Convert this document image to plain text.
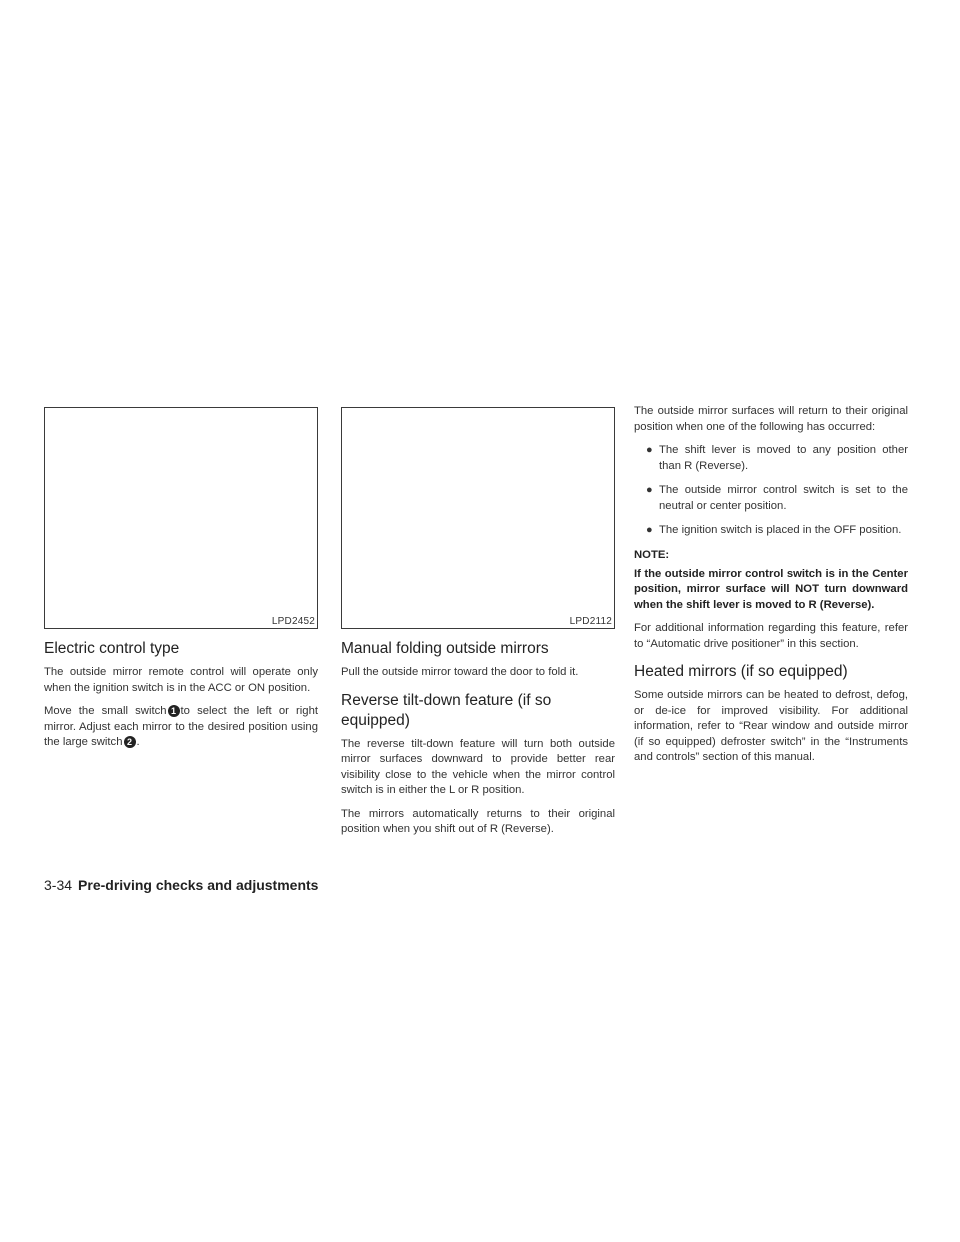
LPD2452
Electric control type

The outside mirror remote control will operate only when the ignition switch is in the ACC or ON position.

Move the small switch 1 to select the left or right mirror. Adjust each mirror to the desired position using the large switch 2 .

LPD2112
Manual folding outside mirrors

Pull the outside mirror toward the door to fold it.

Reverse tilt-down feature (if so equipped)

The reverse tilt-down feature will turn both outside mirror surfaces downward to provide better rear visibility close to the vehicle when the mirror control switch is in either the L or R position.

The mirrors automatically returns to their original position when you shift out of R (Reverse).

The outside mirror surfaces will return to their original position when one of the following has occurred:

● The shift lever is moved to any position other than R (Reverse).
● The outside mirror control switch is set to the neutral or center position.
● The ignition switch is placed in the OFF position.
NOTE:

If the outside mirror control switch is in the Center position, mirror surface will NOT turn downward when the shift lever is moved to R (Reverse).

For additional information regarding this feature, refer to “Automatic drive positioner” in this section.

Heated mirrors (if so equipped)

Some outside mirrors can be heated to defrost, defog, or de-ice for improved visibility. For additional information, refer to “Rear window and outside mirror (if so equipped) defroster switch” in the “Instruments and controls” section of this manual.

3-34 Pre-driving checks and adjustments
